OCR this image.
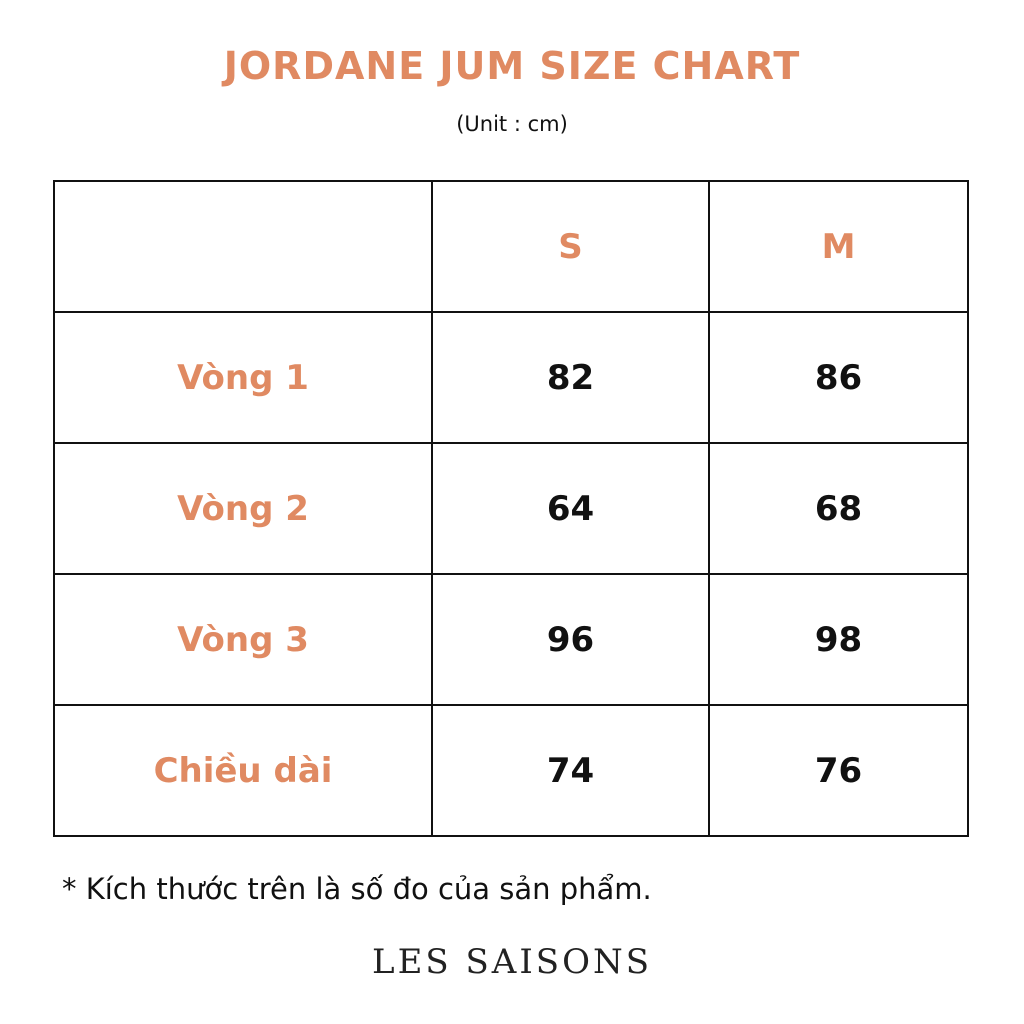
JORDANE JUM SIZE CHART
(Unit : cm)
	S	M
Vòng 1	82	86
Vòng 2	64	68
Vòng 3	96	98
Chiều dài	74	76
* Kích thước trên là số đo của sản phẩm.
LES SAISONS
